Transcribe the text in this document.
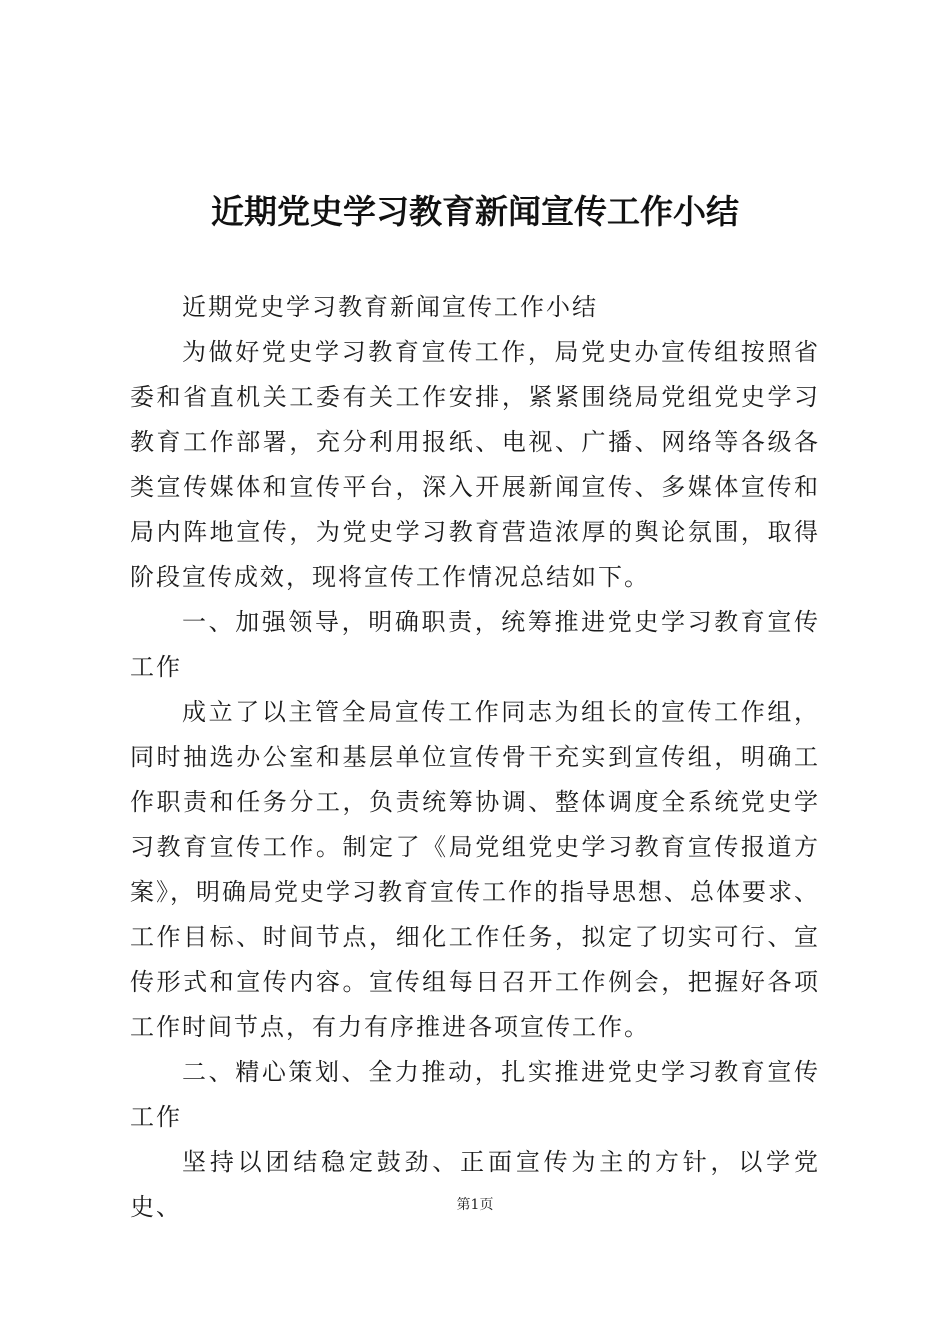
近期党史学习教育新闻宣传工作小结

近期党史学习教育新闻宣传工作小结

为做好党史学习教育宣传工作，局党史办宣传组按照省委和省直机关工委有关工作安排，紧紧围绕局党组党史学习教育工作部署，充分利用报纸、电视、广播、网络等各级各类宣传媒体和宣传平台，深入开展新闻宣传、多媒体宣传和局内阵地宣传，为党史学习教育营造浓厚的舆论氛围，取得阶段宣传成效，现将宣传工作情况总结如下。

一、加强领导，明确职责，统筹推进党史学习教育宣传工作

成立了以主管全局宣传工作同志为组长的宣传工作组，同时抽选办公室和基层单位宣传骨干充实到宣传组，明确工作职责和任务分工，负责统筹协调、整体调度全系统党史学习教育宣传工作。制定了《局党组党史学习教育宣传报道方案》，明确局党史学习教育宣传工作的指导思想、总体要求、工作目标、时间节点，细化工作任务，拟定了切实可行、宣传形式和宣传内容。宣传组每日召开工作例会，把握好各项工作时间节点，有力有序推进各项宣传工作。

二、精心策划、全力推动，扎实推进党史学习教育宣传工作

坚持以团结稳定鼓劲、正面宣传为主的方针，以学党史、	第1页
